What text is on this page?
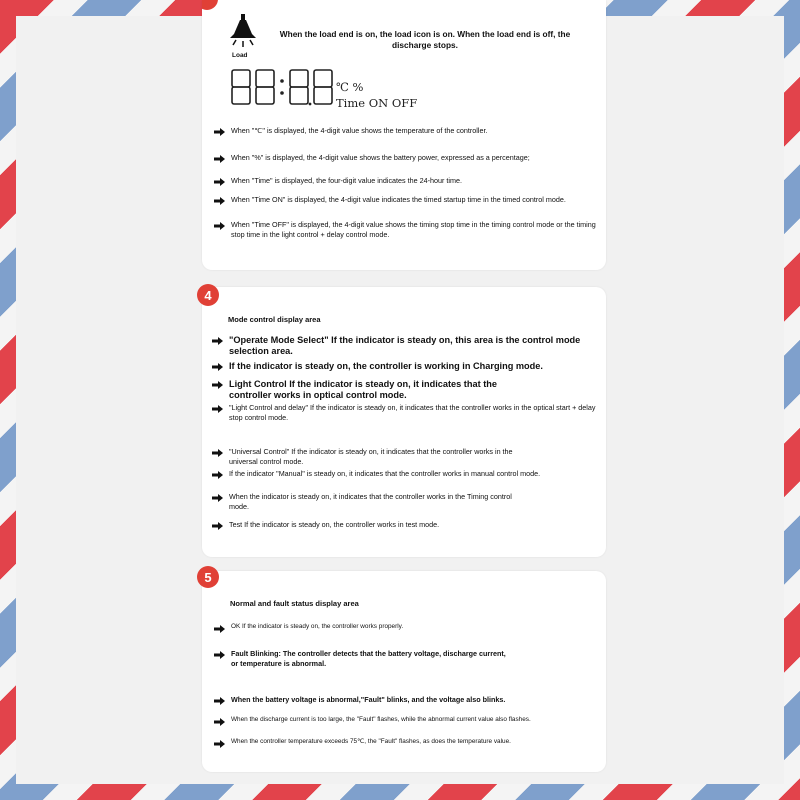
Load
When the load end is on, the load icon is on. When the load end is off, the discharge stops.
℃ %
Time ON OFF
When "℃" is displayed, the 4-digit value shows the temperature of the controller.
When "%" is displayed, the 4-digit value shows the battery power, expressed as a percentage;
When "Time" is displayed, the four-digit value indicates the 24-hour time.
When "Time ON" is displayed, the 4-digit value indicates the timed startup time in the timed control mode.
When "Time OFF" is displayed, the 4-digit value shows the timing stop time in the timing control mode or the timing stop time in the light control + delay control mode.
Mode control display area
"Operate Mode Select" If the indicator is steady on, this area is the control mode selection area.
If the indicator is steady on, the controller is working in Charging mode.
Light Control If the indicator is steady on, it indicates that the controller works in optical control mode.
"Light Control and delay" If the indicator is steady on, it indicates that the controller works in the optical start + delay stop control mode.
"Universal Control" If the indicator is steady on, it indicates that the controller works in the universal control mode.
If the indicator "Manual" is steady on, it indicates that the controller works in manual control mode.
When the indicator is steady on, it indicates that the controller works in the Timing control mode.
Test If the indicator is steady on, the controller works in test mode.
4
Normal and fault status display area
OK If the indicator is steady on, the controller works properly.
Fault Blinking: The controller detects that the battery voltage, discharge current, or temperature is abnormal.
When the battery voltage is abnormal,"Fault" blinks, and the voltage also blinks.
When the discharge current is too large, the "Fault" flashes, while the abnormal current value also flashes.
When the controller temperature exceeds 75℃, the "Fault" flashes, as does the temperature value.
5
